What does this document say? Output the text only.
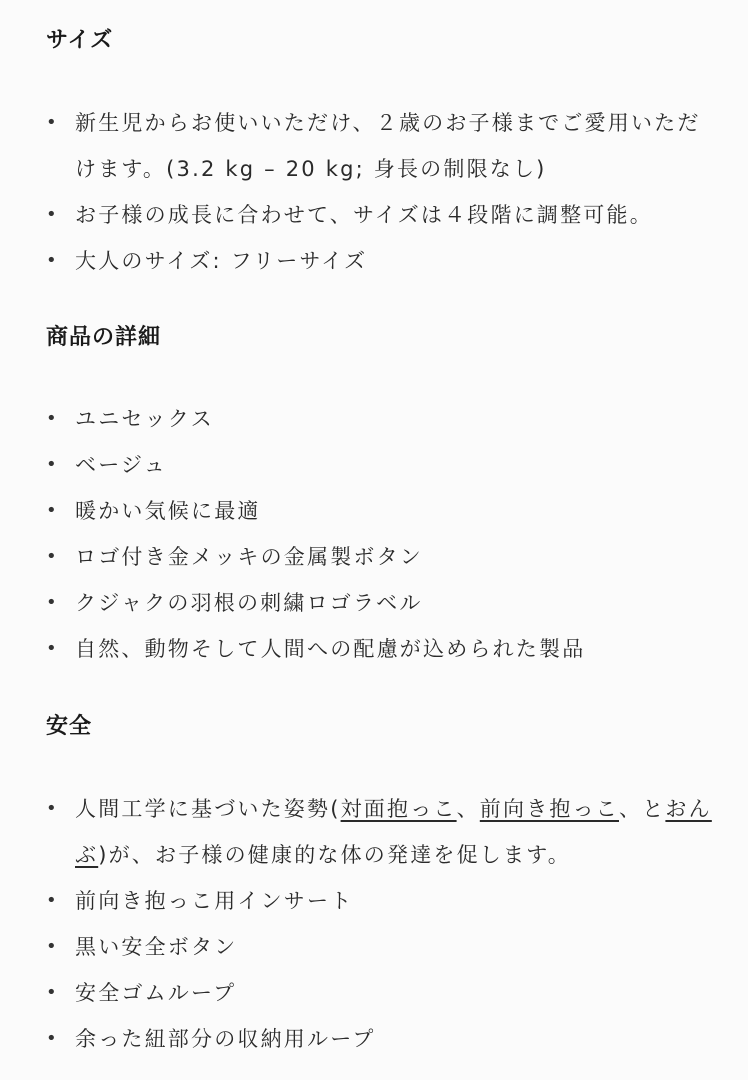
サイズ
• 新生児からお使いいただけ、２歳のお子様までご愛用いただけます。(3.2 kg – 20 kg; 身長の制限なし)
• お子様の成長に合わせて、サイズは４段階に調整可能。
• 大人のサイズ: フリーサイズ
商品の詳細
• ユニセックス
• ベージュ
• 暖かい気候に最適
• ロゴ付き金メッキの金属製ボタン
• クジャクの羽根の刺繍ロゴラベル
• 自然、動物そして人間への配慮が込められた製品
安全
• 人間工学に基づいた姿勢(対面抱っこ、前向き抱っこ、とおんぶ)が、お子様の健康的な体の発達を促します。
• 前向き抱っこ用インサート
• 黒い安全ボタン
• 安全ゴムループ
• 余った紐部分の収納用ループ
